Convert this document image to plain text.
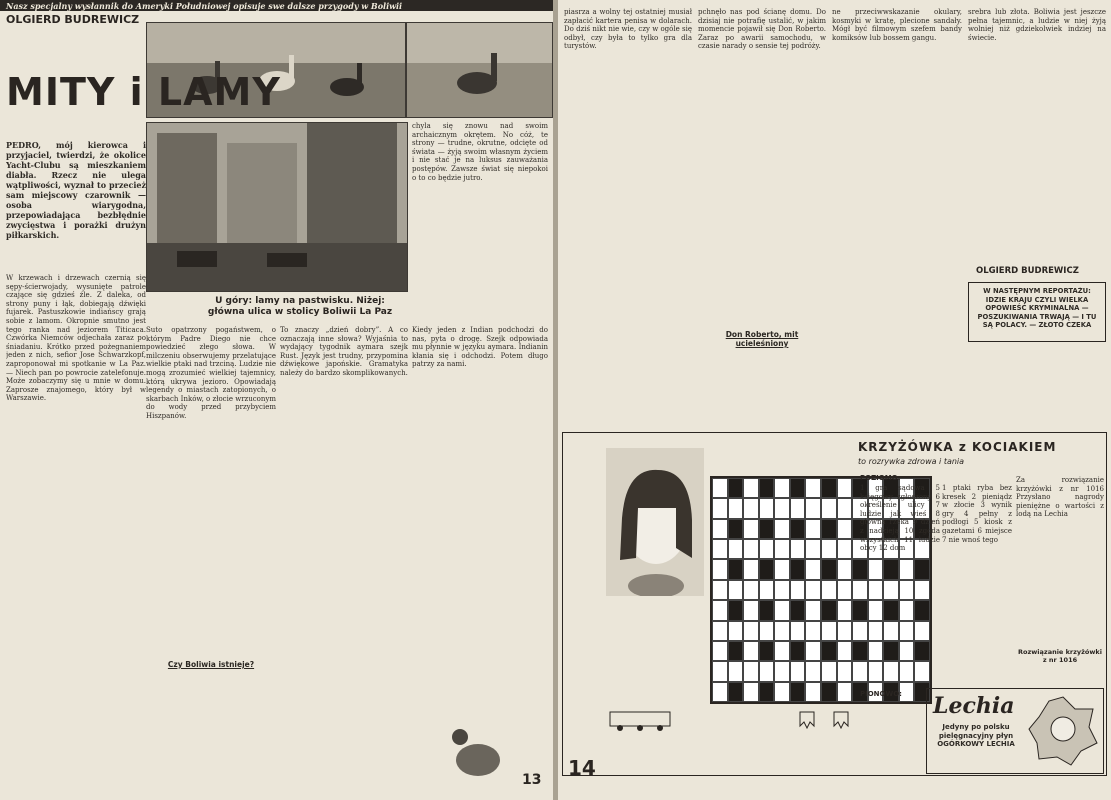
Nasz specjalny wysłannik do Ameryki Południowej opisuje swe dalsze przygody w Boliwii
OLGIERD BUDREWICZ
MITY i LAMY
PEDRO, mój kierowca i przyjaciel, twierdzi, że okolice Yacht-Clubu są mieszkaniem diabła. Rzecz nie ulega wątpliwości, wyznał to przecież sam miejscowy czarownik — osoba wiarygodna, przepowiadająca bezbłędnie zwycięstwa i porażki drużyn piłkarskich.
W krzewach i drzewach czernią się sępy-ścierwojady, wysunięte patrole czające się gdzieś źle. Z daleka, od strony puny i łąk, dobiegają dźwięki fujarek. Pastuszkowie indiańscy grają sobie z lamom. Okropnie smutno jest tego ranka nad jeziorem Titicaca. Czwórka Niemców odjechała zaraz po śniadaniu. Krótko przed pożegnaniem jeden z nich, sefior Jose Schwarzkopf, zaproponował mi spotkanie w La Paz. — Niech pan po powrocie zatelefonuje. Może zobaczymy się u mnie w domu. Zaprosze znajomego, który był w Warszawie.
chyla się znowu nad swoim archaicznym okrętem. No cóż, te strony — trudne, okrutne, odcięte od świata — żyją swoim własnym życiem i nie stać je na luksus zauważania postępów. Zawsze świat się niepokoi o to co będzie jutro.
U góry: lamy na pastwisku. Niżej: główna ulica w stolicy Boliwii La Paz
Suto opatrzony pogaństwem, o którym Padre Diego nie chce powiedzieć złego słowa. W milczeniu obserwujemy przelatujące wielkie ptaki nad trzciną. Ludzie nie mogą zrozumieć wielkiej tajemnicy, którą ukrywa jezioro. Opowiadają legendy o miastach zatopionych, o skarbach Inków, o złocie wrzuconym do wody przed przybyciem Hiszpanów.
To znaczy „dzień dobry”. A co oznaczają inne słowa? Wyjaśnia to wydający tygodnik aymara szejk Rust. Język jest trudny, przypomina dźwiękowe japońskie. Gramatyka należy do bardzo skomplikowanych.
Kiedy jeden z Indian podchodzi do nas, pyta o drogę. Szejk odpowiada mu płynnie w języku aymara. Indianin kłania się i odchodzi. Potem długo patrzy za nami.
Czy Boliwia istnieje?
13
piasrza a wolny tej ostatniej musiał zapłacić kartera penisa w dolarach. Do dziś nikt nie wie, czy w ogóle się odbył, czy była to tylko gra dla turystów.
pchnęło nas pod ścianę domu. Do dzisiaj nie potrafię ustalić, w jakim momencie pojawił się Don Roberto. Zaraz po awarii samochodu, w czasie narady o sensie tej podróży.
ne przeciwwskazanie okulary, kosmyki w kratę, plecione sandały. Mógł być filmowym szefem bandy komiksów lub bossem gangu.
srebra lub złota. Boliwia jest jeszcze pełna tajemnic, a ludzie w niej żyją wolniej niż gdziekolwiek indziej na świecie.
Don Roberto, mit ucieleśniony
OLGIERD BUDREWICZ
W NASTĘPNYM REPORTAŻU: IDZIE KRAJU CZYLI WIELKA OPOWIEŚĆ KRYMINALNA — POSZUKIWANIA TRWAJĄ — I TU SĄ POLACY. — ZŁOTO CZEKA
KRZYŻÓWKA z KOCIAKIEM
to rozrywka zdrowa i tania
POZIOMO:
1 gra sądowa 5 księgowy zgłoszony 6 określenie ulicy 7 ludzie jak wieś 8 główna rzeka 9 dzień z nadzieją 10 zgoda wszystkich 11 ludzie obcy 12 dom
1 ptaki ryba bez kresek 2 pieniądz w złocie 3 wynik gry 4 pełny z podłogi 5 kiosk z gazetami 6 miejsce 7 nie wnoś tego
PIONOWO:
Za rozwiązanie krzyżówki z nr 1016 Przysłano nagrody pieniężne o wartości z lodą na Lechia
Rozwiązanie krzyżówki z nr 1016
14
Lechia
Jedyny po polsku pielęgnacyjny płyn OGÓRKOWY LECHIA
